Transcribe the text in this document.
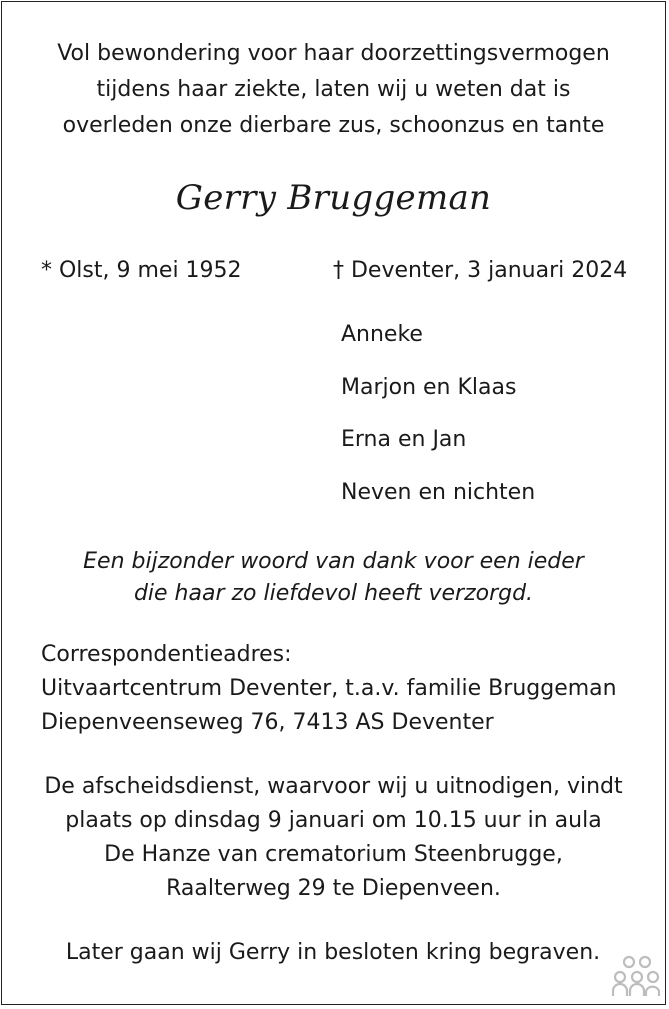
Vol bewondering voor haar doorzettingsvermogen
tijdens haar ziekte, laten wij u weten dat is
overleden onze dierbare zus, schoonzus en tante
Gerry Bruggeman
* Olst, 9 mei 1952	† Deventer, 3 januari 2024
Anneke
Marjon en Klaas
Erna en Jan
Neven en nichten
Een bijzonder woord van dank voor een ieder
die haar zo liefdevol heeft verzorgd.
Correspondentieadres:
Uitvaartcentrum Deventer, t.a.v. familie Bruggeman
Diepenveenseweg 76, 7413 AS Deventer
De afscheidsdienst, waarvoor wij u uitnodigen, vindt
plaats op dinsdag 9 januari om 10.15 uur in aula
De Hanze van crematorium Steenbrugge,
Raalterweg 29 te Diepenveen.
Later gaan wij Gerry in besloten kring begraven.
